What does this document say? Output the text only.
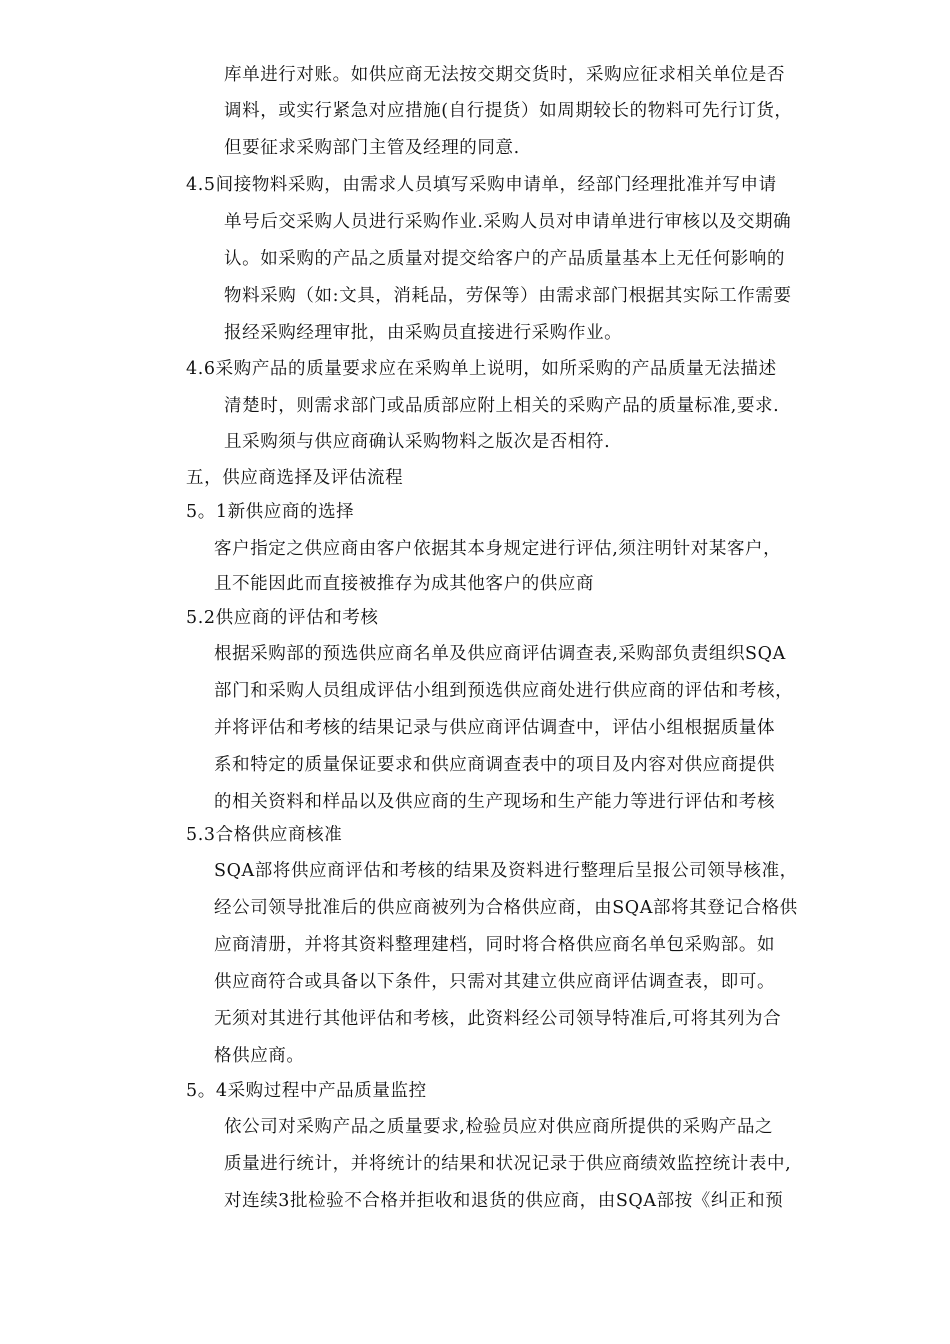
库单进行对账。如供应商无法按交期交货时，采购应征求相关单位是否
调料，或实行紧急对应措施(自行提货）如周期较长的物料可先行订货，
但要征求采购部门主管及经理的同意.
4.5间接物料采购，由需求人员填写采购申请单，经部门经理批准并写申请
单号后交采购人员进行采购作业.采购人员对申请单进行审核以及交期确
认。如采购的产品之质量对提交给客户的产品质量基本上无任何影响的
物料采购（如:文具，消耗品，劳保等）由需求部门根据其实际工作需要
报经采购经理审批，由采购员直接进行采购作业。
4.6采购产品的质量要求应在采购单上说明，如所采购的产品质量无法描述
清楚时，则需求部门或品质部应附上相关的采购产品的质量标准,要求.
且采购须与供应商确认采购物料之版次是否相符.
五，供应商选择及评估流程
5。1新供应商的选择
客户指定之供应商由客户依据其本身规定进行评估,须注明针对某客户，
且不能因此而直接被推存为成其他客户的供应商
5.2供应商的评估和考核
根据采购部的预选供应商名单及供应商评估调查表,采购部负责组织SQA
部门和采购人员组成评估小组到预选供应商处进行供应商的评估和考核，
并将评估和考核的结果记录与供应商评估调查中，评估小组根据质量体
系和特定的质量保证要求和供应商调查表中的项目及内容对供应商提供
的相关资料和样品以及供应商的生产现场和生产能力等进行评估和考核
5.3合格供应商核准
SQA部将供应商评估和考核的结果及资料进行整理后呈报公司领导核准，
经公司领导批准后的供应商被列为合格供应商，由SQA部将其登记合格供
应商清册，并将其资料整理建档，同时将合格供应商名单包采购部。如
供应商符合或具备以下条件，只需对其建立供应商评估调查表，即可。
无须对其进行其他评估和考核，此资料经公司领导特准后,可将其列为合
格供应商。
5。4采购过程中产品质量监控
依公司对采购产品之质量要求,检验员应对供应商所提供的采购产品之
质量进行统计，并将统计的结果和状况记录于供应商绩效监控统计表中,
对连续3批检验不合格并拒收和退货的供应商，由SQA部按《纠正和预
